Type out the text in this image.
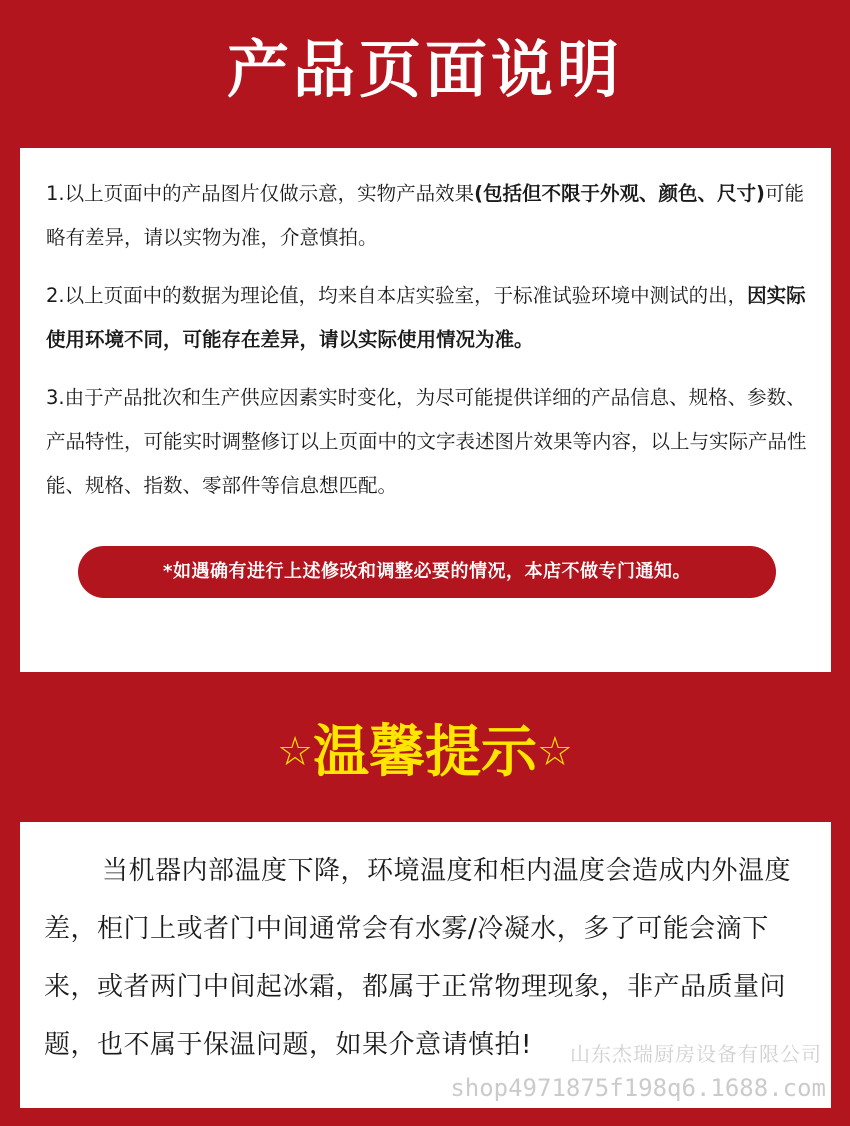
产品页面说明

1.以上页面中的产品图片仅做示意，实物产品效果(包括但不限于外观、颜色、尺寸)可能略有差异，请以实物为准，介意慎拍。

2.以上页面中的数据为理论值，均来自本店实验室，于标准试验环境中测试的出，因实际使用环境不同，可能存在差异，请以实际使用情况为准。

3.由于产品批次和生产供应因素实时变化，为尽可能提供详细的产品信息、规格、参数、产品特性，可能实时调整修订以上页面中的文字表述图片效果等内容，以上与实际产品性能、规格、指数、零部件等信息想匹配。

*如遇确有进行上述修改和调整必要的情况，本店不做专门通知。
☆温馨提示☆

当机器内部温度下降，环境温度和柜内温度会造成内外温度差，柜门上或者门中间通常会有水雾/冷凝水，多了可能会滴下来，或者两门中间起冰霜，都属于正常物理现象，非产品质量问题，也不属于保温问题，如果介意请慎拍!	山东杰瑞厨房设备有限公司
shop4971875f198q6.1688.com
